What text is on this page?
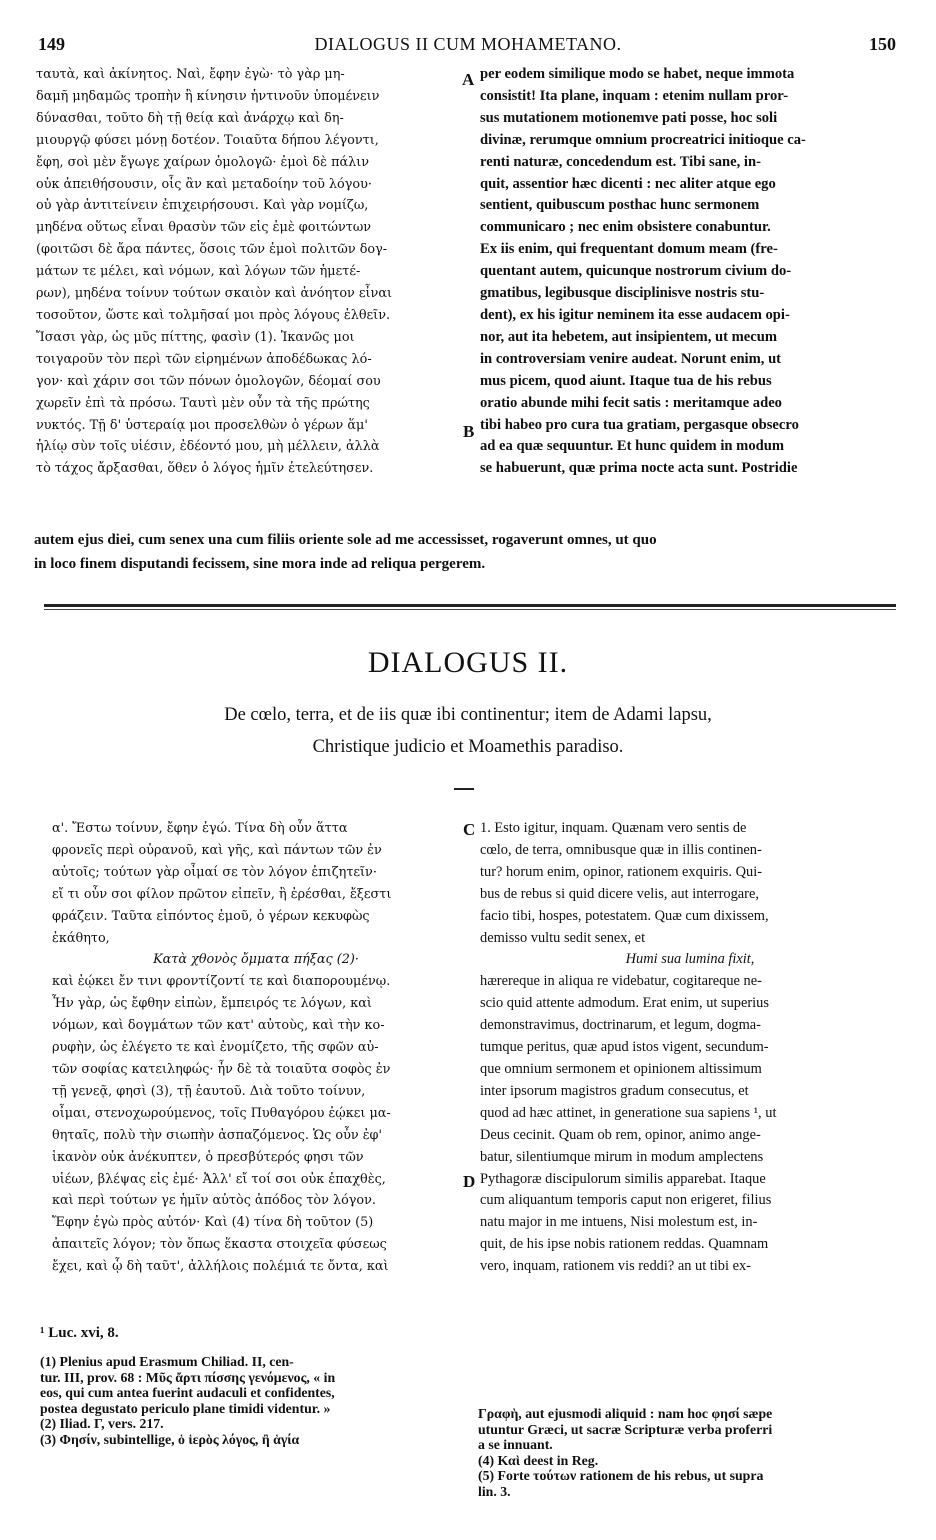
149	DIALOGUS II CUM MOHAMETANO.	150
ταυτὰ, καὶ ἀκίνητος. Ναὶ, ἔφην ἐγὼ· τὸ γὰρ μη-
δαμῆ μηδαμῶς τροπὴν ἢ κίνησιν ἡντινοῦν ὑπομένειν
δύνασθαι, τοῦτο δὴ τῇ θείᾳ καὶ ἀνάρχῳ καὶ δη-
μιουργῷ φύσει μόνῃ δοτέον. Τοιαῦτα δήπου λέγοντι,
ἔφη, σοὶ μὲν ἔγωγε χαίρων ὁμολογῶ· ἐμοὶ δὲ πάλιν
οὐκ ἀπειθήσουσιν, οἷς ἂν καὶ μεταδοίην τοῦ λόγου·
οὐ γὰρ ἀντιτείνειν ἐπιχειρήσουσι. Καὶ γὰρ νομίζω,
μηδένα οὕτως εἶναι θρασὺν τῶν εἰς ἐμὲ φοιτώντων
(φοιτῶσι δὲ ἄρα πάντες, ὅσοις τῶν ἐμοὶ πολιτῶν δογ-
μάτων τε μέλει, καὶ νόμων, καὶ λόγων τῶν ἡμετέ-
ρων), μηδένα τοίνυν τούτων σκαιὸν καὶ ἀνόητον εἶναι
τοσοῦτον, ὥστε καὶ τολμῆσαί μοι πρὸς λόγους ἐλθεῖν.
Ἴσασι γὰρ, ὡς μῦς πίττης, φασὶν (1). Ἱκανῶς μοι
τοιγαροῦν τὸν περὶ τῶν εἰρημένων ἀποδέδωκας λό-
γον· καὶ χάριν σοι τῶν πόνων ὁμολογῶν, δέομαί σου
χωρεῖν ἐπὶ τὰ πρόσω. Ταυτὶ μὲν οὖν τὰ τῆς πρώτης
νυκτός. Τῇ δ' ὑστεραίᾳ μοι προσελθὼν ὁ γέρων ἅμ'
ἡλίῳ σὺν τοῖς υἱέσιν, ἐδέοντό μου, μὴ μέλλειν, ἀλλὰ
τὸ τάχος ἄρξασθαι, ὅθεν ὁ λόγος ἡμῖν ἐτελεύτησεν.
per eodem similique modo se habet, neque immota
consistit! Ita plane, inquam : etenim nullam pror-
sus mutationem motionemve pati posse, hoc soli
divinæ, rerumque omnium procreatrici initioque ca-
renti naturæ, concedendum est. Tibi sane, in-
quit, assentior hæc dicenti : nec aliter atque ego
sentient, quibuscum posthac hunc sermonem
communicaro ; nec enim obsistere conabuntur.
Ex iis enim, qui frequentant domum meam (fre-
quentant autem, quicunque nostrorum civium do-
gmatibus, legibusque disciplinisve nostris stu-
dent), ex his igitur neminem ita esse audacem opi-
nor, aut ita hebetem, aut insipientem, ut mecum
in controversiam venire audeat. Norunt enim, ut
mus picem, quod aiunt. Itaque tua de his rebus
oratio abunde mihi fecit satis : meritamque adeo
tibi habeo pro cura tua gratiam, pergasque obsecro
ad ea quæ sequuntur. Et hunc quidem in modum
se habuerunt, quæ prima nocte acta sunt. Postridie
A
B
autem ejus diei, cum senex una cum filiis oriente sole ad me accessisset, rogaverunt omnes, ut quo
in loco finem disputandi fecissem, sine mora inde ad reliqua pergerem.
DIALOGUS II.
De cœlo, terra, et de iis quæ ibi continentur; item de Adami lapsu,
Christique judicio et Moamethis paradiso.
α'. Ἔστω τοίνυν, ἔφην ἐγώ. Τίνα δὴ οὖν ἅττα
φρονεῖς περὶ οὐρανοῦ, καὶ γῆς, καὶ πάντων τῶν ἐν
αὐτοῖς; τούτων γὰρ οἶμαί σε τὸν λόγον ἐπιζητεῖν·
εἴ τι οὖν σοι φίλον πρῶτον εἰπεῖν, ἢ ἐρέσθαι, ἔξεστι
φράζειν. Ταῦτα εἰπόντος ἐμοῦ, ὁ γέρων κεκυφὼς
ἐκάθητο,
Κατὰ χθονὸς ὄμματα πήξας (2)·
καὶ ἐῴκει ἔν τινι φροντίζοντί τε καὶ διαπορουμένῳ.
Ἦν γὰρ, ὡς ἔφθην εἰπὼν, ἔμπειρός τε λόγων, καὶ
νόμων, καὶ δογμάτων τῶν κατ' αὐτοὺς, καὶ τὴν κο-
ρυφὴν, ὡς ἐλέγετο τε καὶ ἐνομίζετο, τῆς σφῶν αὐ-
τῶν σοφίας κατειληφώς· ἦν δὲ τὰ τοιαῦτα σοφὸς ἐν
τῇ γενεᾷ, φησὶ (3), τῇ ἑαυτοῦ. Διὰ τοῦτο τοίνυν,
οἶμαι, στενοχωρούμενος, τοῖς Πυθαγόρου ἐῴκει μα-
θηταῖς, πολὺ τὴν σιωπὴν ἀσπαζόμενος. Ὡς οὖν ἐφ'
ἱκανὸν οὐκ ἀνέκυπτεν, ὁ πρεσβύτερός φησι τῶν
υἱέων, βλέψας εἰς ἐμέ· Ἀλλ' εἴ τοί σοι οὐκ ἐπαχθὲς,
καὶ περὶ τούτων γε ἡμῖν αὐτὸς ἀπόδος τὸν λόγον.
Ἔφην ἐγὼ πρὸς αὐτόν· Καὶ (4) τίνα δὴ τοῦτον (5)
ἀπαιτεῖς λόγον; τὸν ὅπως ἕκαστα στοιχεῖα φύσεως
ἔχει, καὶ ᾧ δὴ ταῦτ', ἀλλήλοις πολέμιά τε ὄντα, καὶ
1. Esto igitur, inquam. Quænam vero sentis de
cœlo, de terra, omnibusque quæ in illis continen-
tur? horum enim, opinor, rationem exquiris. Qui-
bus de rebus si quid dicere velis, aut interrogare,
facio tibi, hospes, potestatem. Quæ cum dixissem,
demisso vultu sedit senex, et
Humi sua lumina fixit,
hærereque in aliqua re videbatur, cogitareque ne-
scio quid attente admodum. Erat enim, ut superius
demonstravimus, doctrinarum, et legum, dogma-
tumque peritus, quæ apud istos vigent, secundum-
que omnium sermonem et opinionem altissimum
inter ipsorum magistros gradum consecutus, et
quod ad hæc attinet, in generatione sua sapiens ¹, ut
Deus cecinit. Quam ob rem, opinor, animo ange-
batur, silentiumque mirum in modum amplectens
Pythagoræ discipulorum similis apparebat. Itaque
cum aliquantum temporis caput non erigeret, filius
natu major in me intuens, Nisi molestum est, in-
quit, de his ipse nobis rationem reddas. Quamnam
vero, inquam, rationem vis reddi? an ut tibi ex-
C
D
¹ Luc. xvi, 8.
(1) Plenius apud Erasmum Chiliad. II, cen-
tur. III, prov. 68 : Μῦς ἄρτι πίσσης γενόμενος, « in
eos, qui cum antea fuerint audaculi et confidentes,
postea degustato periculo plane timidi videntur. »
(2) Iliad. Γ, vers. 217.
(3) Φησίν, subintellige, ὁ ἱερὸς λόγος, ἢ ἁγία
Γραφὴ, aut ejusmodi aliquid : nam hoc φησί sæpe
utuntur Græci, ut sacræ Scripturæ verba proferri
a se innuant.
(4) Καὶ deest in Reg.
(5) Forte τούτων rationem de his rebus, ut supra
lin. 3.
